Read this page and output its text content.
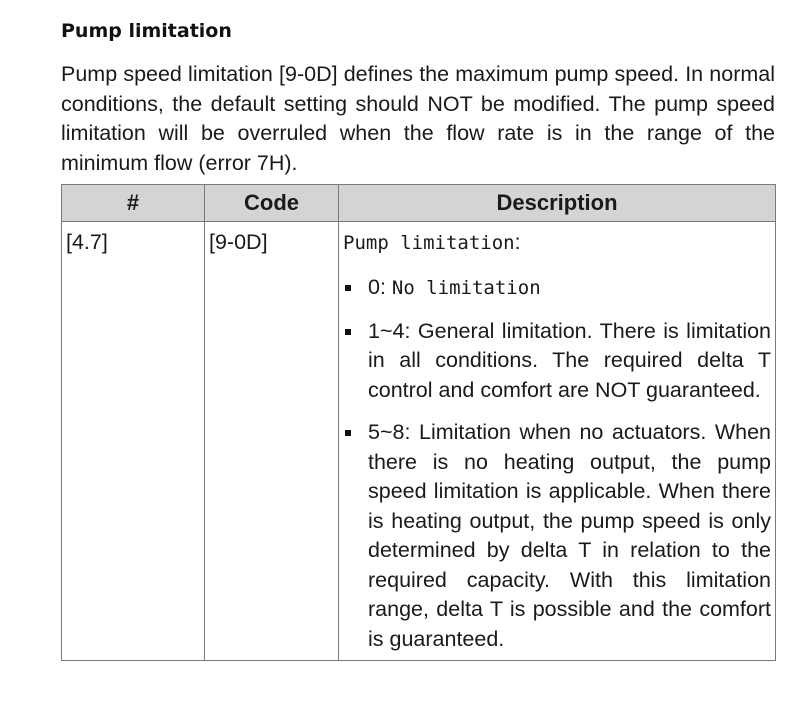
Pump limitation

Pump speed limitation [9-0D] defines the maximum pump speed. In normal conditions, the default setting should NOT be modified. The pump speed limitation will be overruled when the flow rate is in the range of the minimum flow (error 7H).

#	Code	Description

[4.7]	[9-0D]	Pump limitation:
0: No limitation
1~4: General limitation. There is limitation in all conditions. The required delta T control and comfort are NOT guaranteed.
5~8: Limitation when no actuators. When there is no heating output, the pump speed limitation is applicable. When there is heating output, the pump speed is only determined by delta T in relation to the required capacity. With this limitation range, delta T is possible and the comfort is guaranteed.
